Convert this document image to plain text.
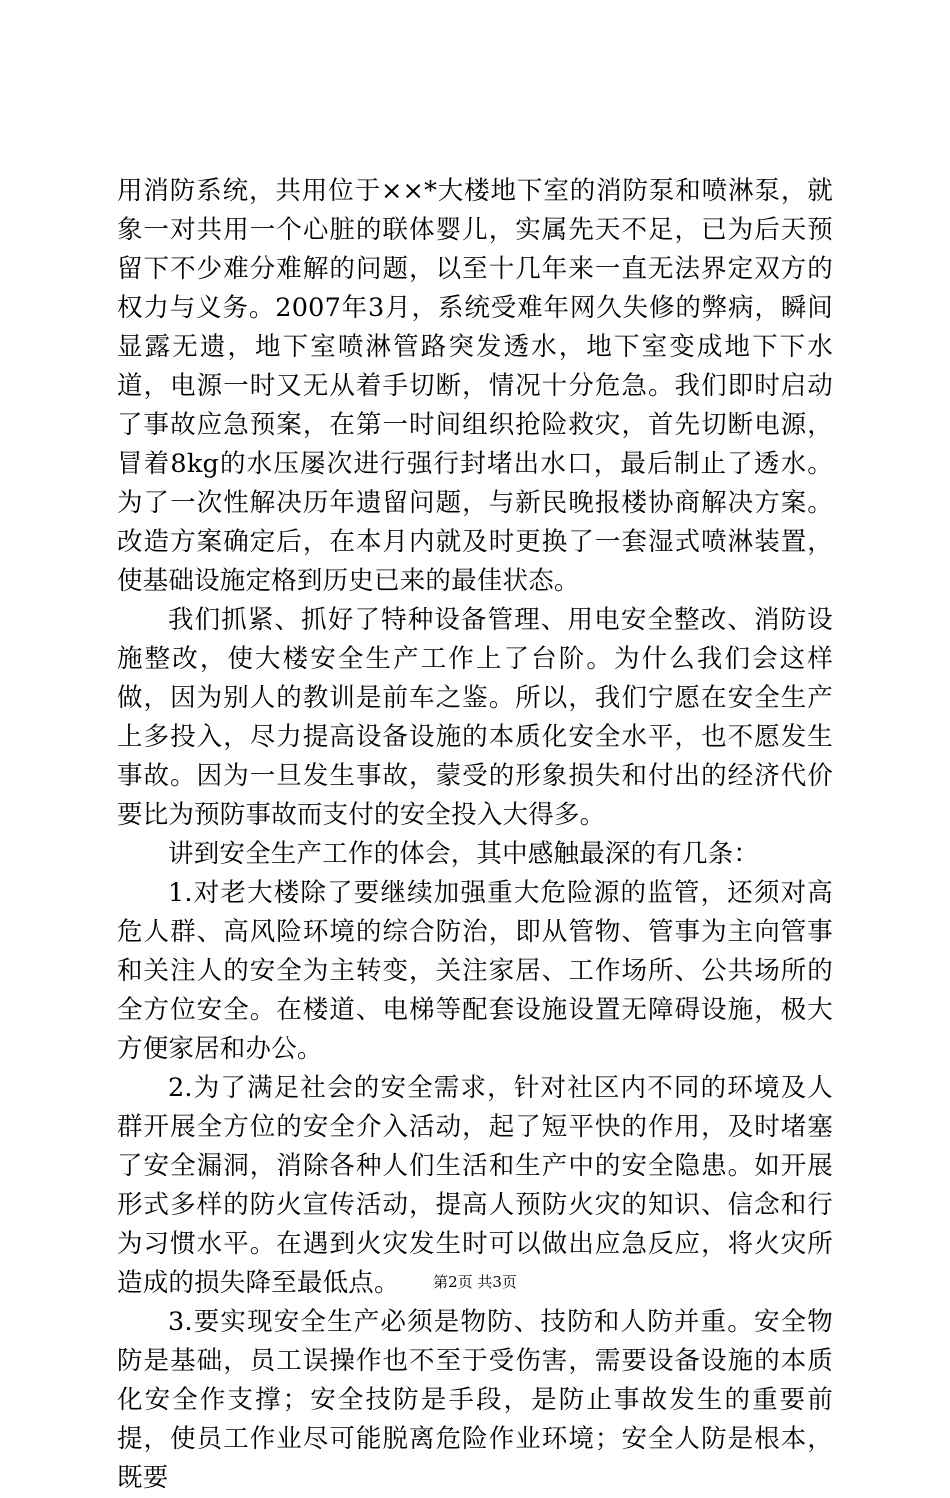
用消防系统，共用位于××*大楼地下室的消防泵和喷淋泵，就象一对共用一个心脏的联体婴儿，实属先天不足，已为后天预留下不少难分难解的问题，以至十几年来一直无法界定双方的权力与义务。2007年3月，系统受难年网久失修的弊病，瞬间显露无遗，地下室喷淋管路突发透水，地下室变成地下下水道，电源一时又无从着手切断，情况十分危急。我们即时启动了事故应急预案，在第一时间组织抢险救灾，首先切断电源，冒着8kg的水压屡次进行强行封堵出水口，最后制止了透水。为了一次性解决历年遗留问题，与新民晚报楼协商解决方案。改造方案确定后，在本月内就及时更换了一套湿式喷淋装置，使基础设施定格到历史已来的最佳状态。

我们抓紧、抓好了特种设备管理、用电安全整改、消防设施整改，使大楼安全生产工作上了台阶。为什么我们会这样做，因为别人的教训是前车之鉴。所以，我们宁愿在安全生产上多投入，尽力提高设备设施的本质化安全水平，也不愿发生事故。因为一旦发生事故，蒙受的形象损失和付出的经济代价要比为预防事故而支付的安全投入大得多。

讲到安全生产工作的体会，其中感触最深的有几条：

1.对老大楼除了要继续加强重大危险源的监管，还须对高危人群、高风险环境的综合防治，即从管物、管事为主向管事和关注人的安全为主转变，关注家居、工作场所、公共场所的全方位安全。在楼道、电梯等配套设施设置无障碍设施，极大方便家居和办公。

2.为了满足社会的安全需求，针对社区内不同的环境及人群开展全方位的安全介入活动，起了短平快的作用，及时堵塞了安全漏洞，消除各种人们生活和生产中的安全隐患。如开展形式多样的防火宣传活动，提高人预防火灾的知识、信念和行为习惯水平。在遇到火灾发生时可以做出应急反应，将火灾所造成的损失降至最低点。

3.要实现安全生产必须是物防、技防和人防并重。安全物防是基础，员工误操作也不至于受伤害，需要设备设施的本质化安全作支撑；安全技防是手段，是防止事故发生的重要前提，使员工作业尽可能脱离危险作业环境；安全人防是根本，既要

第2页 共3页
